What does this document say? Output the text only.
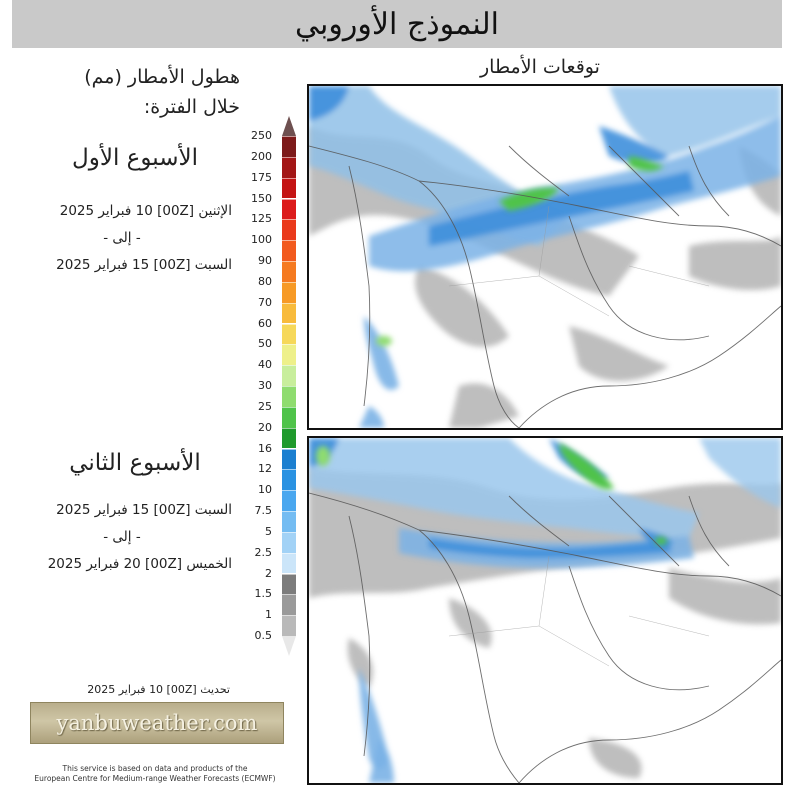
النموذج الأوروبي
هطول الأمطار (مم)
خلال الفترة:
الأسبوع الأول
الإثنين [00Z] 10 فبراير 2025
- إلى -
السبت [00Z] 15 فبراير 2025
الأسبوع الثاني
السبت [00Z] 15 فبراير 2025
- إلى -
الخميس [00Z] 20 فبراير 2025
250
200
175
150
125
100
90
80
70
60
50
40
30
25
20
16
12
10
7.5
5
2.5
2
1.5
1
0.5
توقعات الأمطار
تحديث [00Z] 10 فبراير 2025
yanbuweather.com
This service is based on data and products of the
European Centre for Medium-range Weather Forecasts (ECMWF)
